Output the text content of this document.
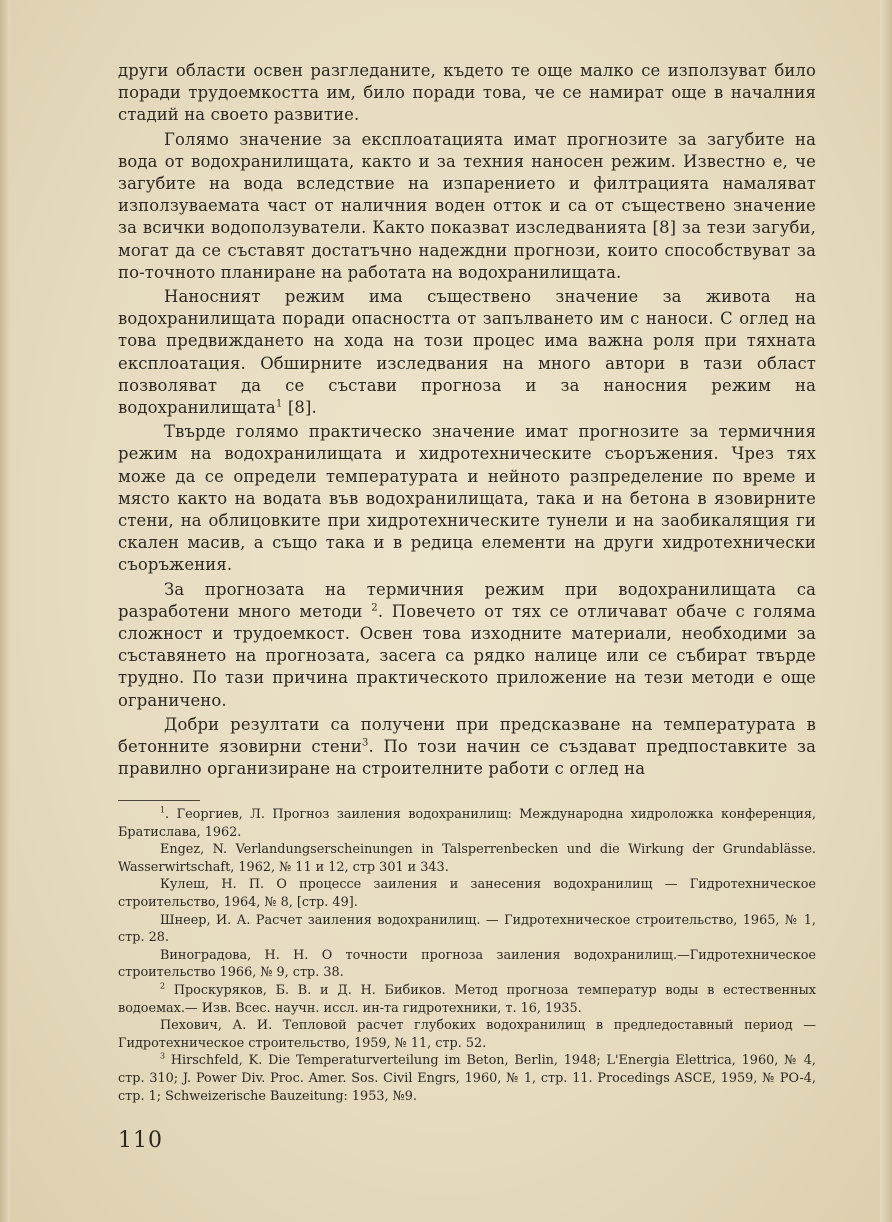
други области освен разгледаните, където те още малко се използуват било поради трудоемкостта им, било поради това, че се намират още в началния стадий на своето развитие.

Голямо значение за експлоатацията имат прогнозите за загубите на вода от водохранилищата, както и за техния наносен режим. Известно е, че загубите на вода вследствие на изпарението и филтрацията намаляват използуваемата част от наличния воден отток и са от съществено значение за всички водоползуватели. Както показват изследванията [8] за тези загуби, могат да се съставят достатъчно надеждни прогнози, които способствуват за по-точното планиране на работата на водохранилищата.

Наносният режим има съществено значение за живота на водохранилищата поради опасността от запълването им с наноси. С оглед на това предвиждането на хода на този процес има важна роля при тяхната експлоатация. Обширните изследвания на много автори в тази област позволяват да се състави прогноза и за наносния режим на водохранилищата$^1$ [8].

Твърде голямо практическо значение имат прогнозите за термичния режим на водохранилищата и хидротехническите съоръжения. Чрез тях може да се определи температурата и нейното разпределение по време и място както на водата във водохранилищата, така и на бетона в язовирните стени, на облицовките при хидротехническите тунели и на заобикалящия ги скален масив, а също така и в редица елементи на други хидротехнически съоръжения.

За прогнозата на термичния режим при водохранилищата са разработени много методи $^2$. Повечето от тях се отличават обаче с голяма сложност и трудоемкост. Освен това изходните материали, необходими за съставянето на прогнозата, засега са рядко налице или се събират твърде трудно. По тази причина практическото приложение на тези методи е още ограничено.

Добри резултати са получени при предсказване на температурата в бетонните язовирни стени$^3$. По този начин се създават предпоставките за правилно организиране на строителните работи с оглед на

$^1$. Георгиев, Л. Прогноз заиления водохранилищ: Международна хидроложка конференция, Братислава, 1962.

Engez, N. Verlandungserscheinungen in Talsperrenbecken und die Wirkung der Grundablässe. Wasserwirtschaft, 1962, № 11 и 12, стр 301 и 343.

Кулеш, Н. П. О процессе заиления и занесения водохранилищ — Гидротехническое строительство, 1964, № 8, [стр. 49].

Шнеер, И. А. Расчет заиления водохранилищ. — Гидротехническое строительство, 1965, № 1, стр. 28.

Виноградова, Н. Н. О точности прогноза заиления водохранилищ.—Гидротехническое строительство 1966, № 9, стр. 38.

$^2$ Проскуряков, Б. В. и Д. Н. Бибиков. Метод прогноза температур воды в естественных водоемах.— Изв. Всес. научн. иссл. ин-та гидротехники, т. 16, 1935.

Пехович, А. И. Тепловой расчет глубоких водохранилищ в предледоставный период — Гидротехническое строительство, 1959, № 11, стр. 52.

$^3$ Hirschfeld, K. Die Temperaturverteilung im Beton, Berlin, 1948; L'Energia Elettrica, 1960, № 4, стр. 310; J. Power Div. Proc. Amer. Sos. Civil Engrs, 1960, № 1, стр. 11. Procedings ASCE, 1959, № PO-4, стр. 1; Schweizerische Bauzeitung: 1953, №9.

110
